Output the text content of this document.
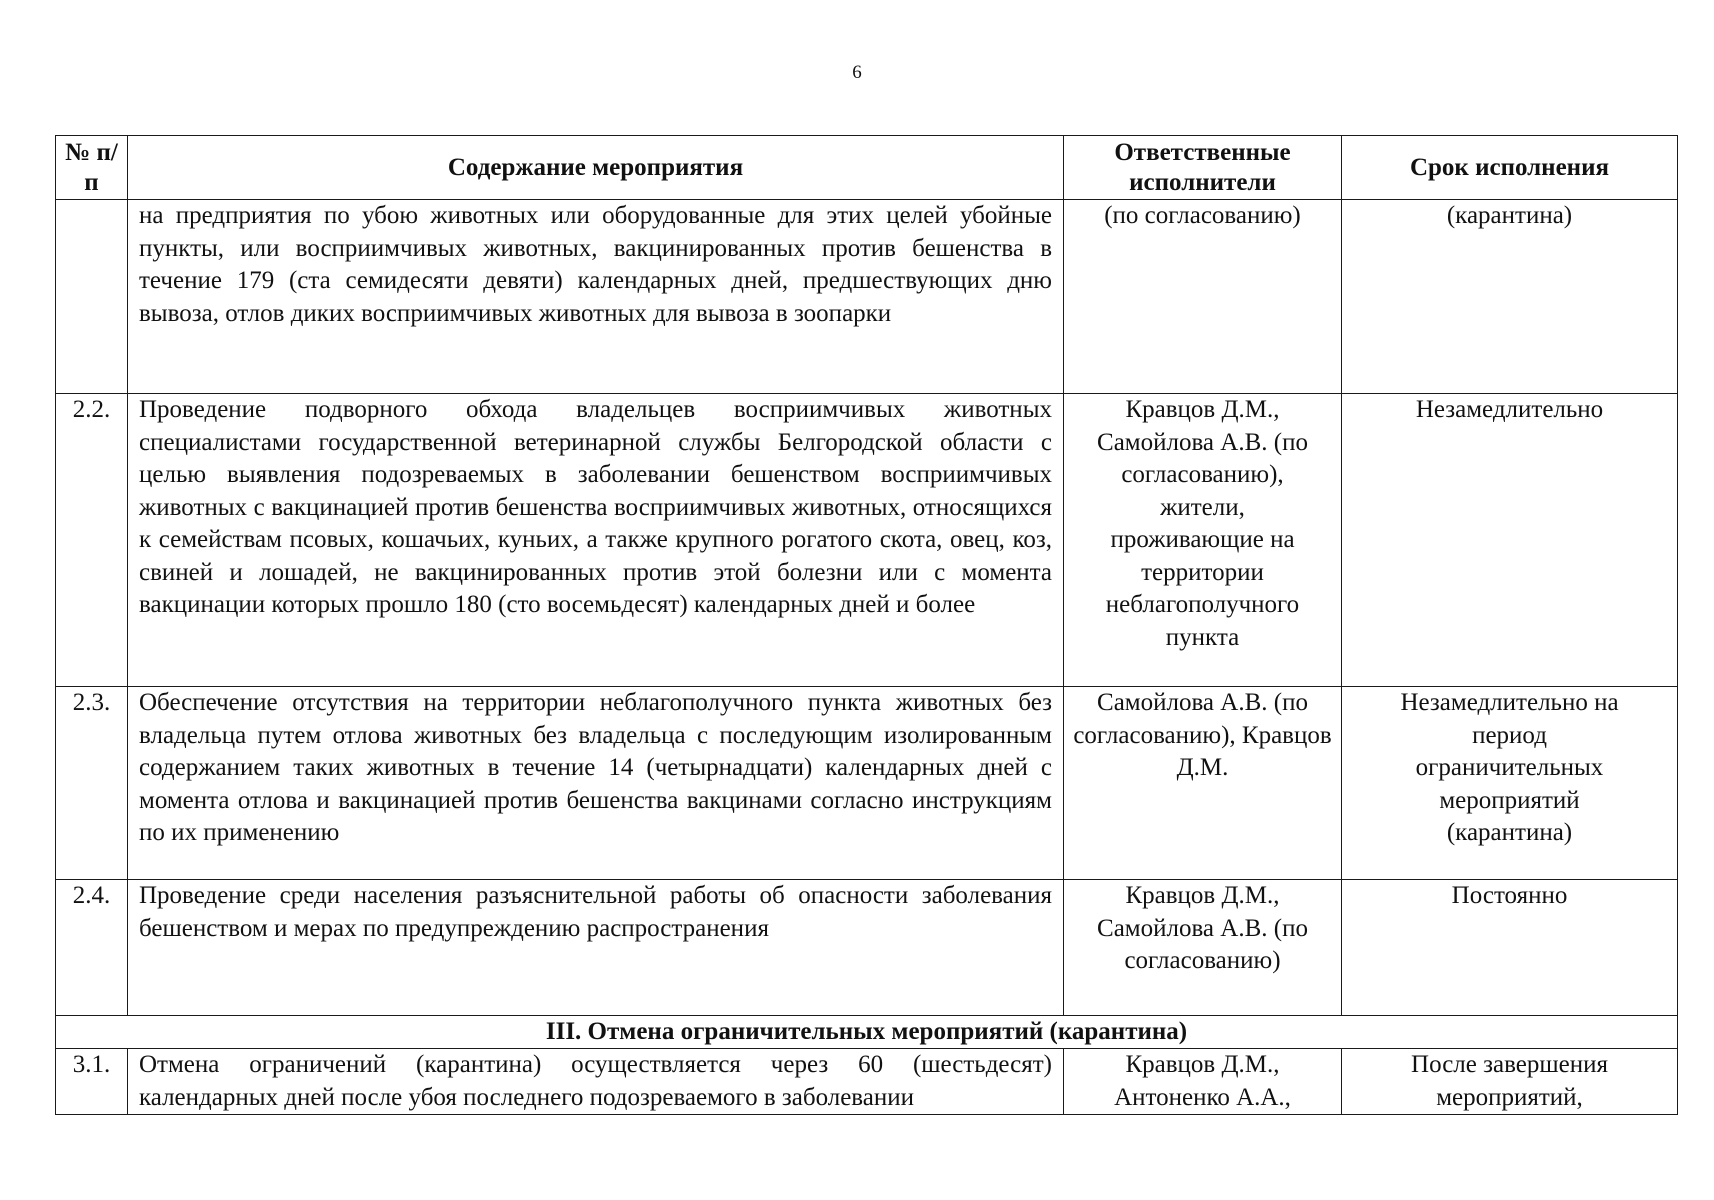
6
№ п/п	Содержание мероприятия	Ответственные исполнители	Срок исполнения
	на предприятия по убою животных или оборудованные для этих целей убойные пункты, или восприимчивых животных, вакцинированных против бешенства в течение 179 (ста семидесяти девяти) календарных дней, предшествующих дню вывоза, отлов диких восприимчивых животных для вывоза в зоопарки	(по согласованию)	(карантина)
2.2.	Проведение подворного обхода владельцев восприимчивых животных специалистами государственной ветеринарной службы Белгородской области с целью выявления подозреваемых в заболевании бешенством восприимчивых животных с вакцинацией против бешенства восприимчивых животных, относящихся к семействам псовых, кошачьих, куньих, а также крупного рогатого скота, овец, коз, свиней и лошадей, не вакцинированных против этой болезни или с момента вакцинации которых прошло 180 (сто восемьдесят) календарных дней и более	Кравцов Д.М., Самойлова А.В. (по согласованию), жители, проживающие на территории неблагополучного пункта	Незамедлительно
2.3.	Обеспечение отсутствия на территории неблагополучного пункта животных без владельца путем отлова животных без владельца с последующим изолированным содержанием таких животных в течение 14 (четырнадцати) календарных дней с момента отлова и вакцинацией против бешенства вакцинами согласно инструкциям по их применению	Самойлова А.В. (по согласованию), Кравцов Д.М.	Незамедлительно на период ограничительных мероприятий (карантина)
2.4.	Проведение среди населения разъяснительной работы об опасности заболевания бешенством и мерах по предупреждению распространения	Кравцов Д.М., Самойлова А.В. (по согласованию)	Постоянно
III. Отмена ограничительных мероприятий (карантина)			
3.1.	Отмена ограничений (карантина) осуществляется через 60 (шестьдесят) календарных дней после убоя последнего подозреваемого в заболевании	Кравцов Д.М., Антоненко А.А.,	После завершения мероприятий,
